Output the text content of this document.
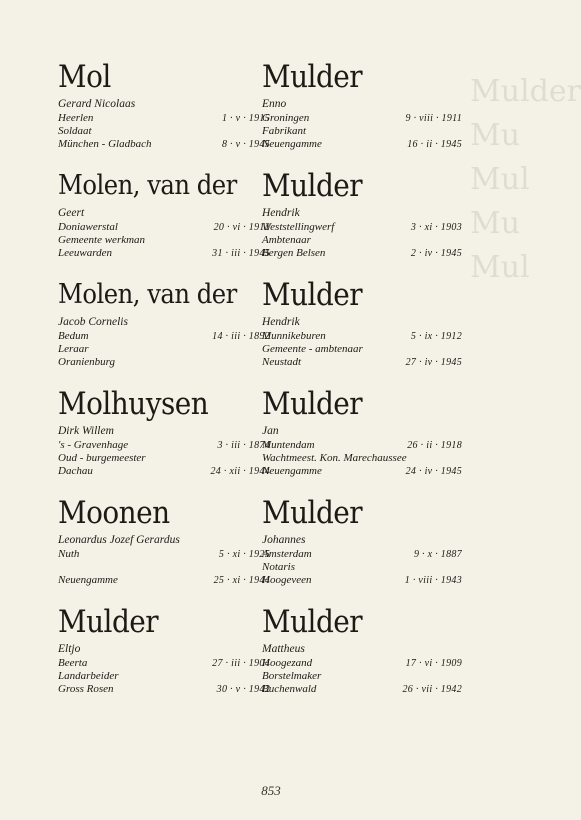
Mulder
Mu
Mul
Mu
Mul
Mol
Gerard Nicolaas
Heerlen	1 · v · 1915
Soldaat
München - Gladbach	8 · v · 1945
Molen, van der
Geert
Doniawerstal	20 · vi · 1912
Gemeente werkman
Leeuwarden	31 · iii · 1945
Molen, van der
Jacob Cornelis
Bedum	14 · iii · 1892
Leraar
Oranienburg
Molhuysen
Dirk Willem
's - Gravenhage	3 · iii · 1874
Oud - burgemeester
Dachau	24 · xii · 1944
Moonen
Leonardus Jozef Gerardus
Nuth	5 · xi · 1925
Neuengamme	25 · xi · 1944
Mulder
Eltjo
Beerta	27 · iii · 1904
Landarbeider
Gross Rosen	30 · v · 1942
Mulder
Enno
Groningen	9 · viii · 1911
Fabrikant
Neuengamme	16 · ii · 1945
Mulder
Hendrik
Weststellingwerf	3 · xi · 1903
Ambtenaar
Bergen Belsen	2 · iv · 1945
Mulder
Hendrik
Munnikeburen	5 · ix · 1912
Gemeente - ambtenaar
Neustadt	27 · iv · 1945
Mulder
Jan
Muntendam	26 · ii · 1918
Wachtmeest. Kon. Marechaussee
Neuengamme	24 · iv · 1945
Mulder
Johannes
Amsterdam	9 · x · 1887
Notaris
Hoogeveen	1 · viii · 1943
Mulder
Mattheus
Hoogezand	17 · vi · 1909
Borstelmaker
Buchenwald	26 · vii · 1942
853
